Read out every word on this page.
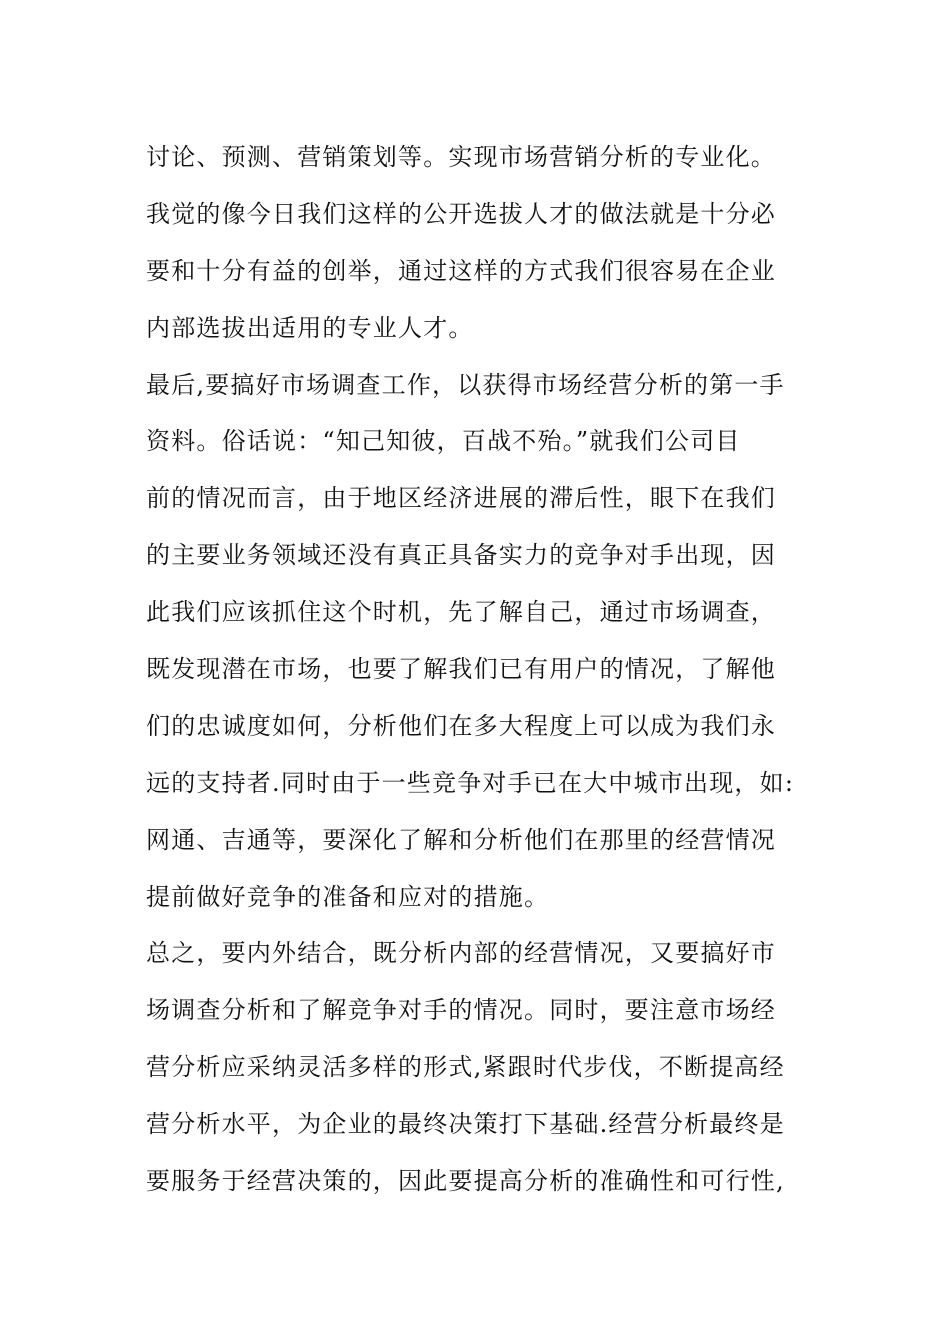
讨论、预测、营销策划等。实现市场营销分析的专业化。
我觉的像今日我们这样的公开选拔人才的做法就是十分必
要和十分有益的创举，通过这样的方式我们很容易在企业
内部选拔出适用的专业人才。
最后,要搞好市场调查工作，以获得市场经营分析的第一手
资料。俗话说：“知己知彼，百战不殆。”就我们公司目
前的情况而言，由于地区经济进展的滞后性，眼下在我们
的主要业务领域还没有真正具备实力的竞争对手出现，因
此我们应该抓住这个时机，先了解自己，通过市场调查，
既发现潜在市场，也要了解我们已有用户的情况，了解他
们的忠诚度如何，分析他们在多大程度上可以成为我们永
远的支持者.同时由于一些竞争对手已在大中城市出现，如:
网通、吉通等，要深化了解和分析他们在那里的经营情况
提前做好竞争的准备和应对的措施。
总之，要内外结合，既分析内部的经营情况，又要搞好市
场调查分析和了解竞争对手的情况。同时，要注意市场经
营分析应采纳灵活多样的形式,紧跟时代步伐，不断提高经
营分析水平，为企业的最终决策打下基础.经营分析最终是
要服务于经营决策的，因此要提高分析的准确性和可行性,
